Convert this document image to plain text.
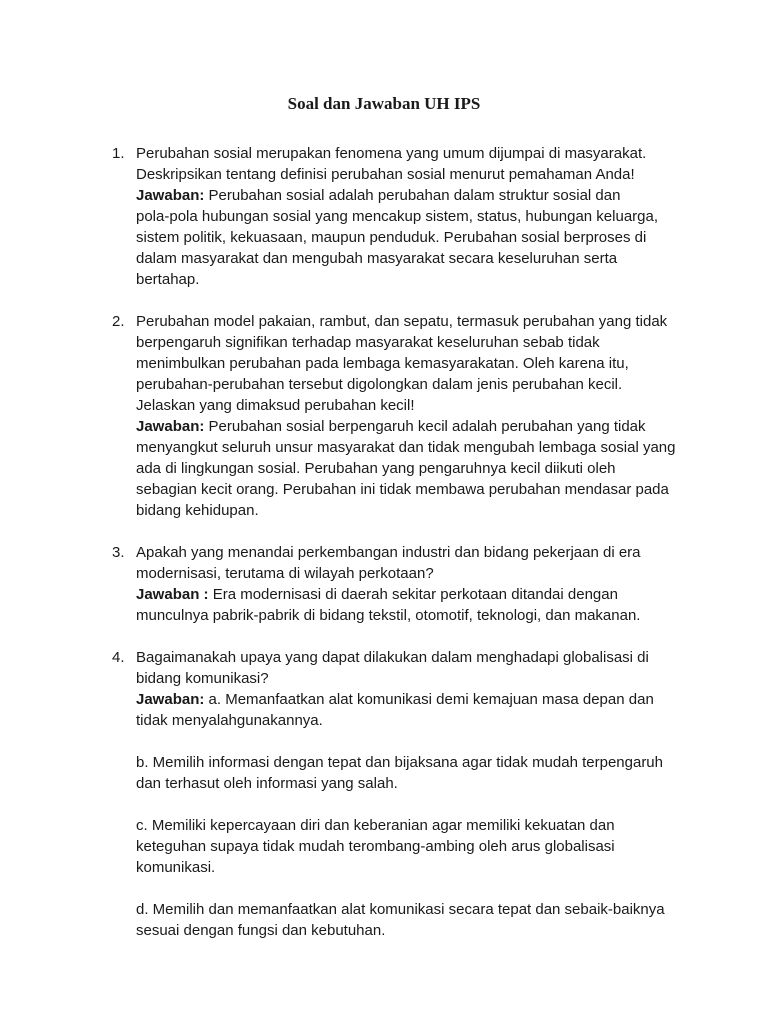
Soal dan Jawaban UH IPS
1. Perubahan sosial merupakan fenomena yang umum dijumpai di masyarakat.
Deskripsikan tentang definisi perubahan sosial menurut pemahaman Anda!
Jawaban: Perubahan sosial adalah perubahan dalam struktur sosial dan
pola-pola hubungan sosial yang mencakup sistem, status, hubungan keluarga,
sistem politik, kekuasaan, maupun penduduk. Perubahan sosial berproses di
dalam masyarakat dan mengubah masyarakat secara keseluruhan serta
bertahap.
2. Perubahan model pakaian, rambut, dan sepatu, termasuk perubahan yang tidak
berpengaruh signifikan terhadap masyarakat keseluruhan sebab tidak
menimbulkan perubahan pada lembaga kemasyarakatan. Oleh karena itu,
perubahan-perubahan tersebut digolongkan dalam jenis perubahan kecil.
Jelaskan yang dimaksud perubahan kecil!
Jawaban: Perubahan sosial berpengaruh kecil adalah perubahan yang tidak
menyangkut seluruh unsur masyarakat dan tidak mengubah lembaga sosial yang
ada di lingkungan sosial. Perubahan yang pengaruhnya kecil diikuti oleh
sebagian kecit orang. Perubahan ini tidak membawa perubahan mendasar pada
bidang kehidupan.
3. Apakah yang menandai perkembangan industri dan bidang pekerjaan di era
modernisasi, terutama di wilayah perkotaan?
Jawaban : Era modernisasi di daerah sekitar perkotaan ditandai dengan
munculnya pabrik-pabrik di bidang tekstil, otomotif, teknologi, dan makanan.
4. Bagaimanakah upaya yang dapat dilakukan dalam menghadapi globalisasi di
bidang komunikasi?
Jawaban: a. Memanfaatkan alat komunikasi demi kemajuan masa depan dan
tidak menyalahgunakannya.
b. Memilih informasi dengan tepat dan bijaksana agar tidak mudah terpengaruh
dan terhasut oleh informasi yang salah.
c. Memiliki kepercayaan diri dan keberanian agar memiliki kekuatan dan
keteguhan supaya tidak mudah terombang-ambing oleh arus globalisasi
komunikasi.
d. Memilih dan memanfaatkan alat komunikasi secara tepat dan sebaik-baiknya
sesuai dengan fungsi dan kebutuhan.
